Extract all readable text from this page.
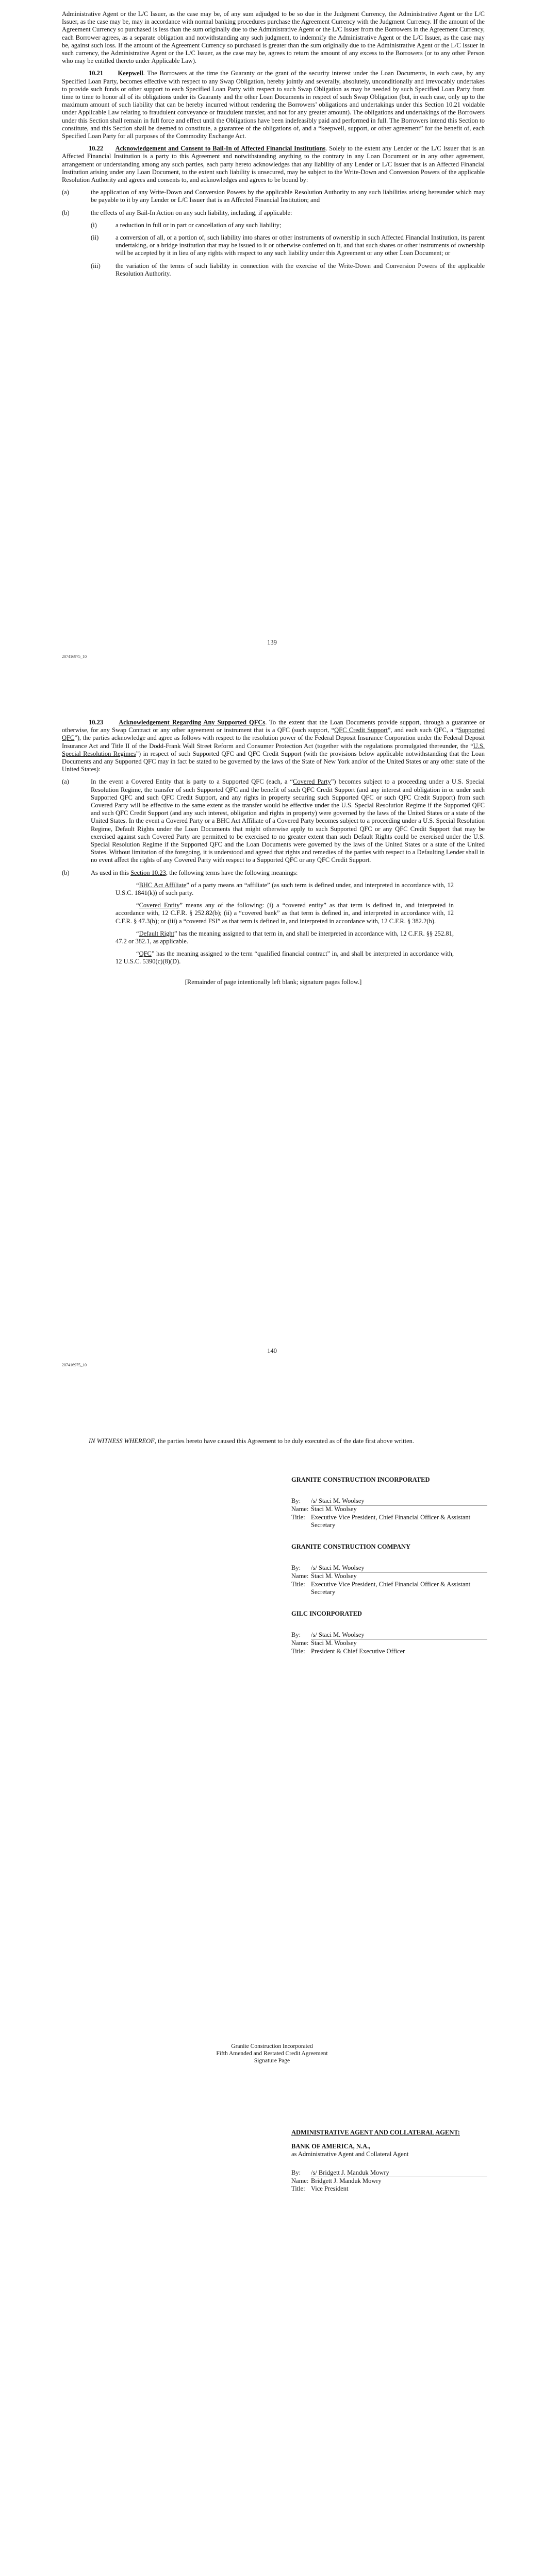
Administrative Agent or the L/C Issuer, as the case may be, of any sum adjudged to be so due in the Judgment Currency, the Administrative Agent or the L/C Issuer, as the case may be, may in accordance with normal banking procedures purchase the Agreement Currency with the Judgment Currency. If the amount of the Agreement Currency so purchased is less than the sum originally due to the Administrative Agent or the L/C Issuer from the Borrowers in the Agreement Currency, each Borrower agrees, as a separate obligation and notwithstanding any such judgment, to indemnify the Administrative Agent or the L/C Issuer, as the case may be, against such loss. If the amount of the Agreement Currency so purchased is greater than the sum originally due to the Administrative Agent or the L/C Issuer in such currency, the Administrative Agent or the L/C Issuer, as the case may be, agrees to return the amount of any excess to the Borrowers (or to any other Person who may be entitled thereto under Applicable Law).

10.21 Keepwell. The Borrowers at the time the Guaranty or the grant of the security interest under the Loan Documents, in each case, by any Specified Loan Party, becomes effective with respect to any Swap Obligation, hereby jointly and severally, absolutely, unconditionally and irrevocably undertakes to provide such funds or other support to each Specified Loan Party with respect to such Swap Obligation as may be needed by such Specified Loan Party from time to time to honor all of its obligations under its Guaranty and the other Loan Documents in respect of such Swap Obligation (but, in each case, only up to the maximum amount of such liability that can be hereby incurred without rendering the Borrowers’ obligations and undertakings under this Section 10.21 voidable under Applicable Law relating to fraudulent conveyance or fraudulent transfer, and not for any greater amount). The obligations and undertakings of the Borrowers under this Section shall remain in full force and effect until the Obligations have been indefeasibly paid and performed in full. The Borrowers intend this Section to constitute, and this Section shall be deemed to constitute, a guarantee of the obligations of, and a “keepwell, support, or other agreement” for the benefit of, each Specified Loan Party for all purposes of the Commodity Exchange Act.

10.22 Acknowledgement and Consent to Bail-In of Affected Financial Institutions. Solely to the extent any Lender or the L/C Issuer that is an Affected Financial Institution is a party to this Agreement and notwithstanding anything to the contrary in any Loan Document or in any other agreement, arrangement or understanding among any such parties, each party hereto acknowledges that any liability of any Lender or L/C Issuer that is an Affected Financial Institution arising under any Loan Document, to the extent such liability is unsecured, may be subject to the Write-Down and Conversion Powers of the applicable Resolution Authority and agrees and consents to, and acknowledges and agrees to be bound by:

(a)	the application of any Write-Down and Conversion Powers by the applicable Resolution Authority to any such liabilities arising hereunder which may be payable to it by any Lender or L/C Issuer that is an Affected Financial Institution; and
(b)	the effects of any Bail-In Action on any such liability, including, if applicable:
(i)	a reduction in full or in part or cancellation of any such liability;
(ii)	a conversion of all, or a portion of, such liability into shares or other instruments of ownership in such Affected Financial Institution, its parent undertaking, or a bridge institution that may be issued to it or otherwise conferred on it, and that such shares or other instruments of ownership will be accepted by it in lieu of any rights with respect to any such liability under this Agreement or any other Loan Document; or
(iii)	the variation of the terms of such liability in connection with the exercise of the Write-Down and Conversion Powers of the applicable Resolution Authority.
139
207416975_10

10.23 Acknowledgement Regarding Any Supported QFCs. To the extent that the Loan Documents provide support, through a guarantee or otherwise, for any Swap Contract or any other agreement or instrument that is a QFC (such support, “QFC Credit Support”, and each such QFC, a “Supported QFC”), the parties acknowledge and agree as follows with respect to the resolution power of the Federal Deposit Insurance Corporation under the Federal Deposit Insurance Act and Title II of the Dodd-Frank Wall Street Reform and Consumer Protection Act (together with the regulations promulgated thereunder, the “U.S. Special Resolution Regimes”) in respect of such Supported QFC and QFC Credit Support (with the provisions below applicable notwithstanding that the Loan Documents and any Supported QFC may in fact be stated to be governed by the laws of the State of New York and/or of the United States or any other state of the United States):

(a)	In the event a Covered Entity that is party to a Supported QFC (each, a “Covered Party”) becomes subject to a proceeding under a U.S. Special Resolution Regime, the transfer of such Supported QFC and the benefit of such QFC Credit Support (and any interest and obligation in or under such Supported QFC and such QFC Credit Support, and any rights in property securing such Supported QFC or such QFC Credit Support) from such Covered Party will be effective to the same extent as the transfer would be effective under the U.S. Special Resolution Regime if the Supported QFC and such QFC Credit Support (and any such interest, obligation and rights in property) were governed by the laws of the United States or a state of the United States. In the event a Covered Party or a BHC Act Affiliate of a Covered Party becomes subject to a proceeding under a U.S. Special Resolution Regime, Default Rights under the Loan Documents that might otherwise apply to such Supported QFC or any QFC Credit Support that may be exercised against such Covered Party are permitted to be exercised to no greater extent than such Default Rights could be exercised under the U.S. Special Resolution Regime if the Supported QFC and the Loan Documents were governed by the laws of the United States or a state of the United States. Without limitation of the foregoing, it is understood and agreed that rights and remedies of the parties with respect to a Defaulting Lender shall in no event affect the rights of any Covered Party with respect to a Supported QFC or any QFC Credit Support.
(b)	As used in this Section 10.23, the following terms have the following meanings:

“BHC Act Affiliate” of a party means an “affiliate” (as such term is defined under, and interpreted in accordance with, 12 U.S.C. 1841(k)) of such party.

“Covered Entity” means any of the following: (i) a “covered entity” as that term is defined in, and interpreted in accordance with, 12 C.F.R. § 252.82(b); (ii) a “covered bank” as that term is defined in, and interpreted in accordance with, 12 C.F.R. § 47.3(b); or (iii) a “covered FSI” as that term is defined in, and interpreted in accordance with, 12 C.F.R. § 382.2(b).

“Default Right” has the meaning assigned to that term in, and shall be interpreted in accordance with, 12 C.F.R. §§ 252.81, 47.2 or 382.1, as applicable.

“QFC” has the meaning assigned to the term “qualified financial contract” in, and shall be interpreted in accordance with, 12 U.S.C. 5390(c)(8)(D).

[Remainder of page intentionally left blank; signature pages follow.]

140
207416975_10

IN WITNESS WHEREOF, the parties hereto have caused this Agreement to be duly executed as of the date first above written.

GRANITE CONSTRUCTION INCORPORATED
By:	/s/ Staci M. Woolsey
Name: Staci M. Woolsey
Title: Executive Vice President, Chief Financial Officer & Assistant Secretary
GRANITE CONSTRUCTION COMPANY
By:	/s/ Staci M. Woolsey
Name: Staci M. Woolsey
Title: Executive Vice President, Chief Financial Officer & Assistant Secretary
GILC INCORPORATED
By:	/s/ Staci M. Woolsey
Name: Staci M. Woolsey
Title: President & Chief Executive Officer
Granite Construction Incorporated
Fifth Amended and Restated Credit Agreement
Signature Page
ADMINISTRATIVE AGENT AND COLLATERAL AGENT:
BANK OF AMERICA, N.A.,
as Administrative Agent and Collateral Agent
By:	/s/ Bridgett J. Manduk Mowry
Name: Bridgett J. Manduk Mowry
Title: Vice President
